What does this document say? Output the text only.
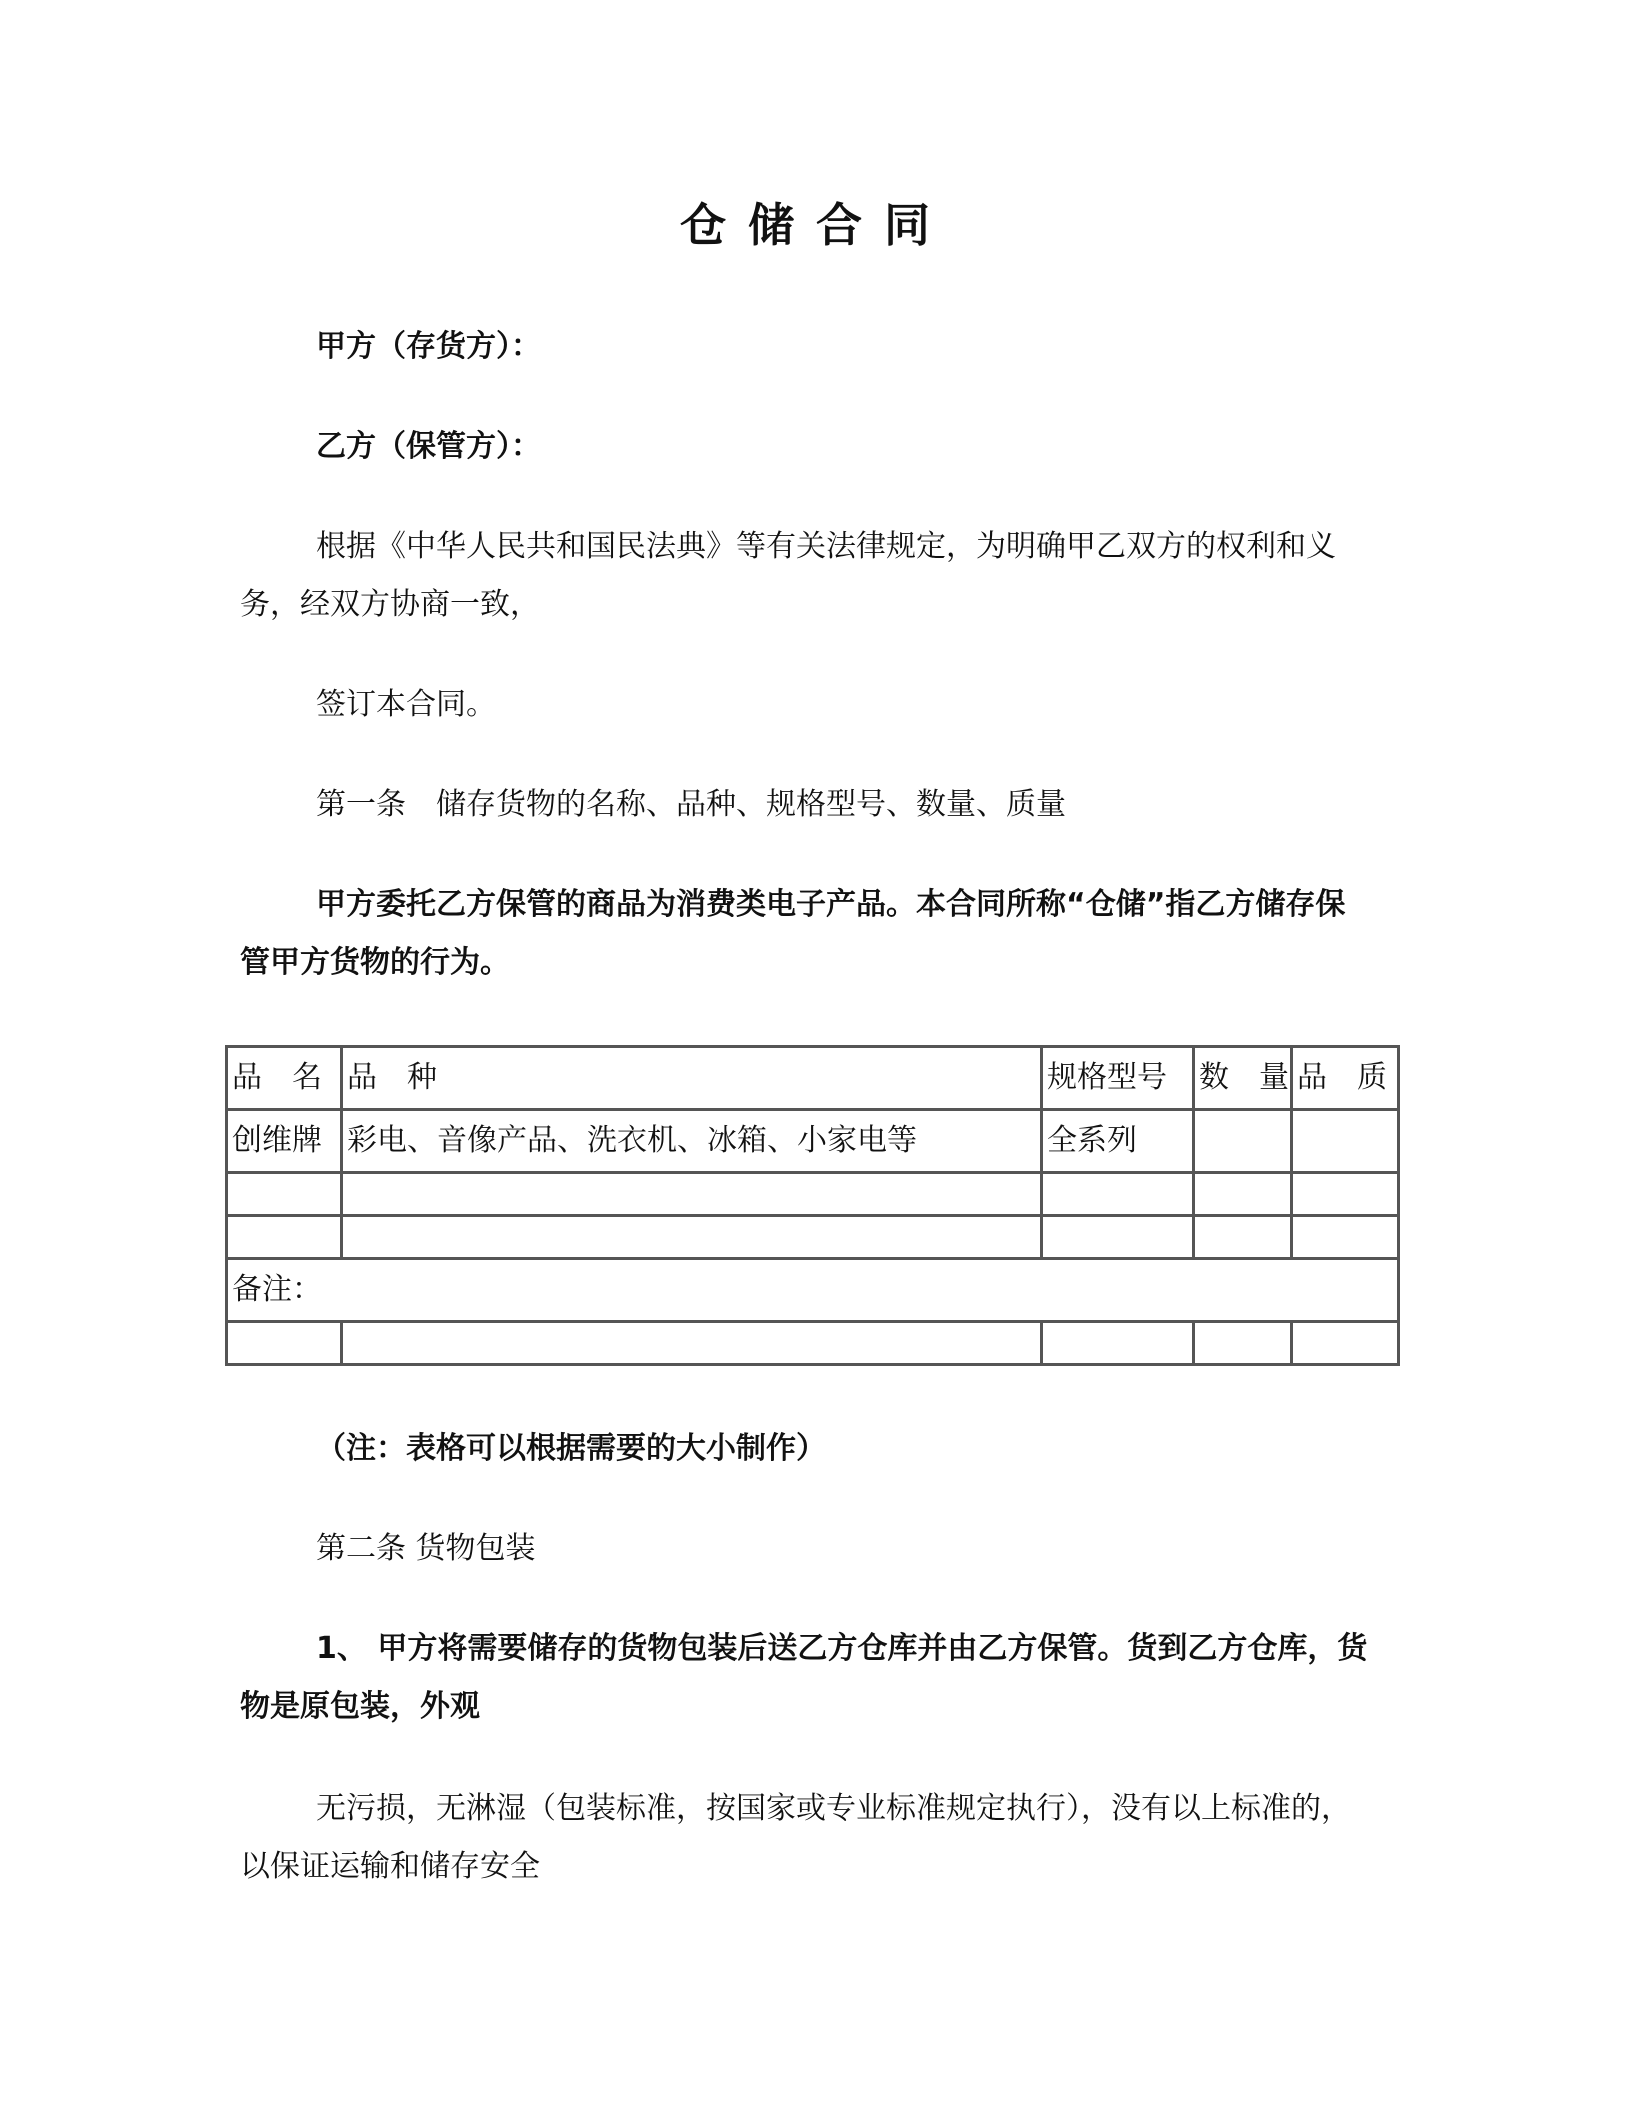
仓储合同

甲方（存货方）：

乙方（保管方）：

根据《中华人民共和国民法典》等有关法律规定，为明确甲乙双方的权利和义务，经双方协商一致，

签订本合同。

第一条　储存货物的名称、品种、规格型号、数量、质量

甲方委托乙方保管的商品为消费类电子产品。本合同所称“仓储”指乙方储存保管甲方货物的行为。

品　名	品　种	规格型号	数　量	品　质
创维牌	彩电、音像产品、洗衣机、冰箱、小家电等	全系列		

备注：				

（注：表格可以根据需要的大小制作）

第二条 货物包装

1、 甲方将需要储存的货物包装后送乙方仓库并由乙方保管。货到乙方仓库，货物是原包装，外观

无污损，无淋湿（包装标准，按国家或专业标准规定执行），没有以上标准的，以保证运输和储存安全
